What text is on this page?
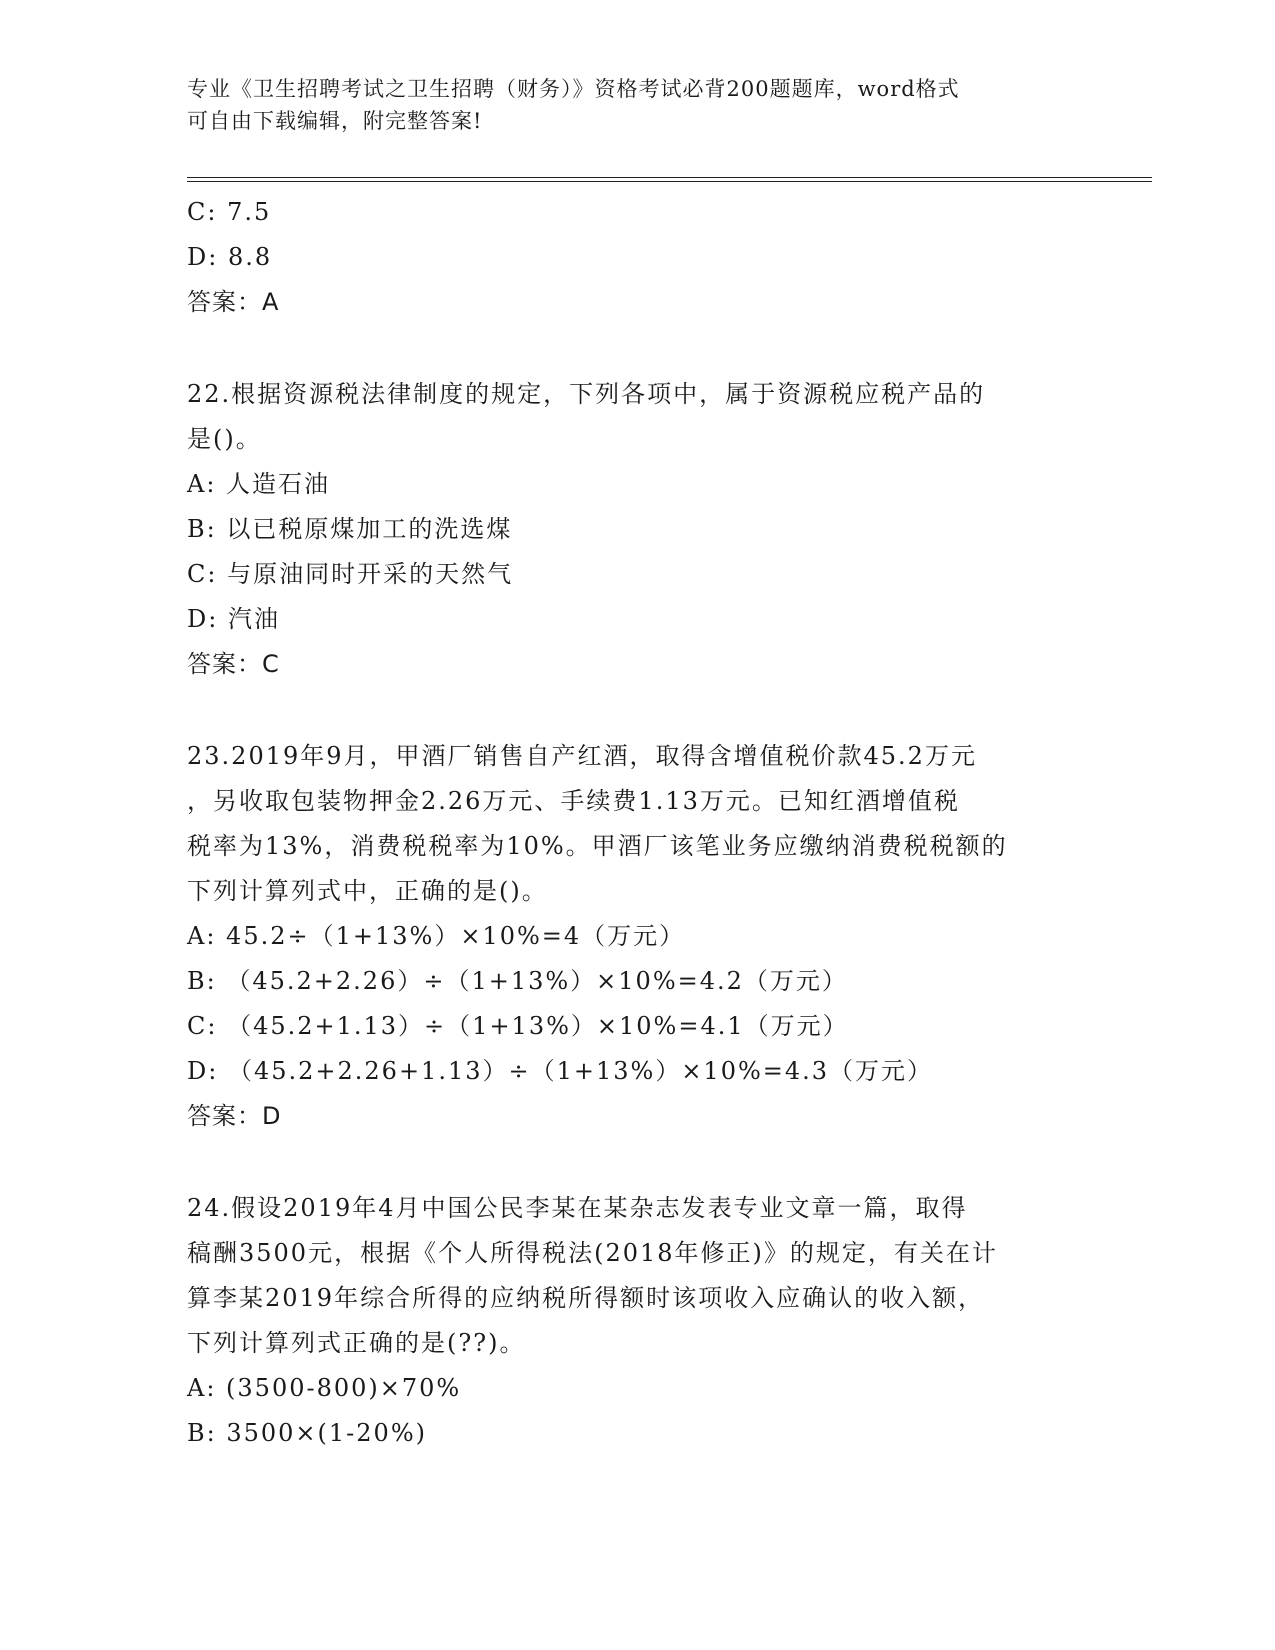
专业《卫生招聘考试之卫生招聘（财务）》资格考试必背200题题库，word格式
可自由下载编辑，附完整答案!
C: 7.5
D: 8.8
答案：A
22.根据资源税法律制度的规定，下列各项中，属于资源税应税产品的
是()。
A: 人造石油
B: 以已税原煤加工的洗选煤
C: 与原油同时开采的天然气
D: 汽油
答案：C
23.2019年9月，甲酒厂销售自产红酒，取得含增值税价款45.2万元
，另收取包装物押金2.26万元、手续费1.13万元。已知红酒增值税
税率为13%，消费税税率为10%。甲酒厂该笔业务应缴纳消费税税额的
下列计算列式中，正确的是()。
A: 45.2÷（1+13%）×10%=4（万元）
B: （45.2+2.26）÷（1+13%）×10%=4.2（万元）
C: （45.2+1.13）÷（1+13%）×10%=4.1（万元）
D: （45.2+2.26+1.13）÷（1+13%）×10%=4.3（万元）
答案：D
24.假设2019年4月中国公民李某在某杂志发表专业文章一篇，取得
稿酬3500元，根据《个人所得税法(2018年修正)》的规定，有关在计
算李某2019年综合所得的应纳税所得额时该项收入应确认的收入额，
下列计算列式正确的是(??)。
A: (3500-800)×70%
B: 3500×(1-20%)
